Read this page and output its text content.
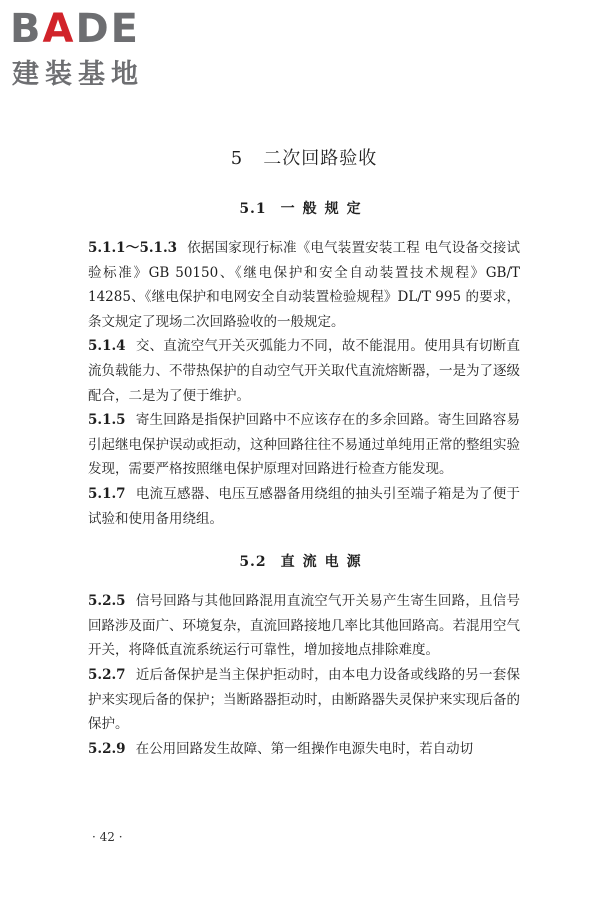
BADE
建装基地
5 二次回路验收
5.1 一般规定

5.1.1～5.1.3 依据国家现行标准《电气装置安装工程 电气设备交接试验标准》GB 50150、《继电保护和安全自动装置技术规程》GB/T 14285、《继电保护和电网安全自动装置检验规程》DL/T 995 的要求，条文规定了现场二次回路验收的一般规定。

5.1.4 交、直流空气开关灭弧能力不同，故不能混用。使用具有切断直流负载能力、不带热保护的自动空气开关取代直流熔断器，一是为了逐级配合，二是为了便于维护。

5.1.5 寄生回路是指保护回路中不应该存在的多余回路。寄生回路容易引起继电保护误动或拒动，这种回路往往不易通过单纯用正常的整组实验发现，需要严格按照继电保护原理对回路进行检查方能发现。

5.1.7 电流互感器、电压互感器备用绕组的抽头引至端子箱是为了便于试验和使用备用绕组。

5.2 直流电源

5.2.5 信号回路与其他回路混用直流空气开关易产生寄生回路，且信号回路涉及面广、环境复杂，直流回路接地几率比其他回路高。若混用空气开关，将降低直流系统运行可靠性，增加接地点排除难度。

5.2.7 近后备保护是当主保护拒动时，由本电力设备或线路的另一套保护来实现后备的保护；当断路器拒动时，由断路器失灵保护来实现后备的保护。

5.2.9 在公用回路发生故障、第一组操作电源失电时，若自动切

· 42 ·
